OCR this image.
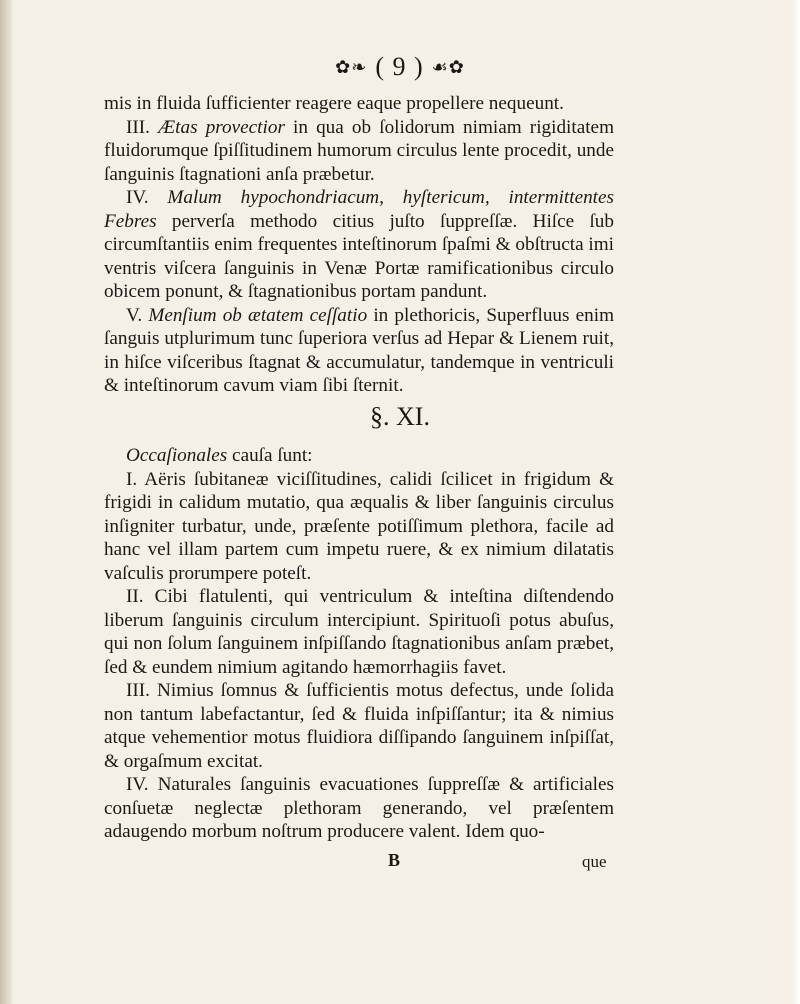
✿❧ ( 9 ) ☙✿

mis in fluida ſufficienter reagere eaque propellere nequeunt.

III. Ætas provectior in qua ob ſolidorum nimiam rigiditatem fluidorumque ſpiſſitudinem humorum circulus lente procedit, unde ſanguinis ſtagnationi anſa præbetur.

IV. Malum hypochondriacum, hyſtericum, intermittentes Febres perverſa methodo citius juſto ſuppreſſæ. Hiſce ſub circumſtantiis enim frequentes inteſtinorum ſpaſmi & obſtructa imi ventris viſcera ſanguinis in Venæ Portæ ramificationibus circulo obicem ponunt, & ſtagnationibus portam pandunt.

V. Menſium ob ætatem ceſſatio in plethoricis, Superfluus enim ſanguis utplurimum tunc ſuperiora verſus ad Hepar & Lienem ruit, in hiſce viſceribus ſtagnat & accumulatur, tandemque in ventriculi & inteſtinorum cavum viam ſibi ſternit.

§. XI.

Occaſionales cauſa ſunt:

I. Aëris ſubitaneæ viciſſitudines, calidi ſcilicet in frigidum & frigidi in calidum mutatio, qua æqualis & liber ſanguinis circulus inſigniter turbatur, unde, præſente potiſſimum plethora, facile ad hanc vel illam partem cum impetu ruere, & ex nimium dilatatis vaſculis prorumpere poteſt.

II. Cibi flatulenti, qui ventriculum & inteſtina diſtendendo liberum ſanguinis circulum intercipiunt. Spirituoſi potus abuſus, qui non ſolum ſanguinem inſpiſſando ſtagnationibus anſam præbet, ſed & eundem nimium agitando hæmorrhagiis favet.

III. Nimius ſomnus & ſufficientis motus defectus, unde ſolida non tantum labefactantur, ſed & fluida inſpiſſantur; ita & nimius atque vehementior motus fluidiora diſſipando ſanguinem inſpiſſat, & orgaſmum excitat.

IV. Naturales ſanguinis evacuationes ſuppreſſæ & artificiales conſuetæ neglectæ plethoram generando, vel præſentem adaugendo morbum noſtrum producere valent. Idem quo-

B	que
